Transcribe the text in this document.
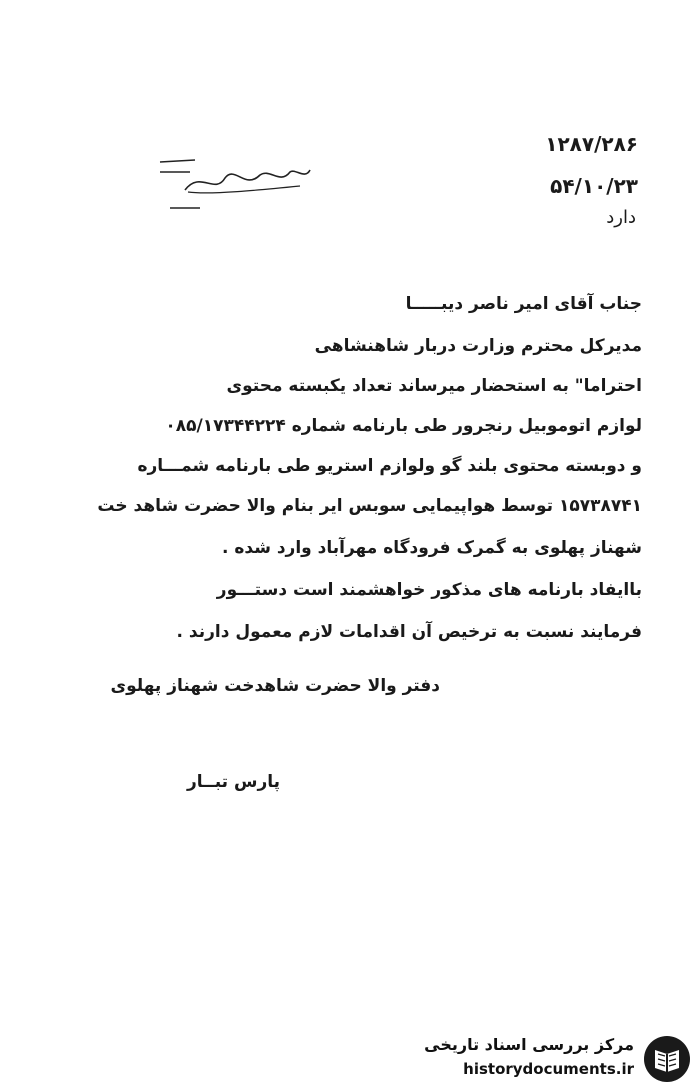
۱۲۸۷/۲۸۶
۵۴/۱۰/۲۳
دارد
جناب آقای امیر ناصر دیبـــــا
مدیرکل محترم وزارت دربار شاهنشاهی
احتراما" به استحضار میرساند تعداد یکبسته محتوی
لوازم اتوموبیل رنجرور طی بارنامه شماره ۰۸۵/۱۷۳۴۴۲۲۴
و دوبسته محتوی بلند گو ولوازم استریو طی بارنامه شمـــاره
۱۵۷۳۸۷۴۱ توسط هواپیمایی سوبس ایر بنام والا حضرت شاهد خت
شهناز پهلوی به گمرک فرودگاه مهرآباد وارد شده .
باایفاد بارنامه های مذکور خواهشمند است دستـــور
فرمایند نسبت به ترخیص آن اقدامات لازم معمول دارند .
دفتر والا حضرت شاهدخت شهناز پهلوی
پارس تبــار
مرکز بررسی اسناد تاریخی
historydocuments.ir
